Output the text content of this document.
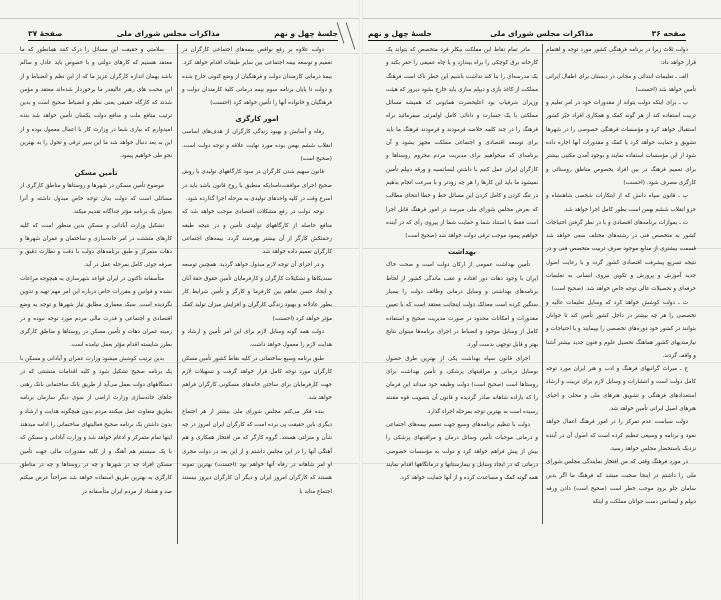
جلسهٔ چهل و نهم
مذاکرات مجلس شورای ملی
صفحهٔ ۳۷

دولت علاوه بر رفع نواقص بیمه‌های اجتماعی کارگران در تعمیم و توسعه بیمه اجتماعی بین سایر طبقات اقدام خواهد کرد. بیمهٔ درمانی کارمندان دولت و فرهنگیان از وضع کنونی خارج شده و دولت تا پایان برنامه سوم بیمه درمانی کلیهٔ کارمندان دولت و فرهنگیان و خانواده آنها را تأمین خواهد کرد (احسنت)

امور کارگری

رفاه و آسایش و بهبود زندگی کارگران از هدف‌های اساسی انقلاب ششم بهمن بوده مورد نهایت علاقه و توجه دولت است. (صحیح است)

قانون سهیم شدن کارگران در سود کارگاههای تولیدی با روش صحیح اجرای موافقت‌نامه‌ایکه منطبق با روح قانون باشد باید در اسرع وقت در کلیه واحدهای تولیدی به مرحله اجرا گذارده شود.

توجه دولت در رفع مشکلات اقتصادی موجب خواهد شد که منافع حاصله از کارگاههای تولیدی تأمین و در نتیجه طبقه زحمتکش کارگر از آن بیشتر بهره‌مند گردد. بیمه‌های اجتماعی کارگران تعمیم داده خواهد شد

و در اجرای آن توجه لازم مبذول خواهد گردید. همچنین توسعه سندیکاها و تشکیلات کارگران و کارفرمایان تأمین حقوق حقهٔ آنان و ایجاد حسن تفاهم بین کارفرما و کارگر و تأمین شرایط کار بطور عادلانه و بهبود زندگی کارگران و افزایش میزان تولید کمک مؤثر خواهد کرد (احسنت)

دولت همه گونه وسایل لازم برای این امر تأمین و ارشاد و هدایت لازم را معمول خواهد داشت.

طبق برنامه وسیع ساختمانی در کلیه نقاط کشور تأمین مسکن کارگران مورد توجه کامل قرار خواهد گرفت و تسهیلات لازم جهت کارفرمایان برای ساختن خانه‌های مسکونی کارگران فراهم خواهد شد.

بنده فکر می‌کنم مجلس شورای ملی بیشتر از هر اجتماع دیگری باین حقیقت پی برده است که کارگران ایران امروز در چه شأن و منزلتی هستند. گروه کارگر که من افتخار همکاری و هم آهنگی آنها را در این مجلس داشتم و از این بعد در دولت مجری او امر شاهانه در رفاه آنها خواهم بود (احسنت) بهترین نمونه هستند که کارگران امروز ایران و دیگر آن کارگران دیروز نیستند اجتماع متاید با

سلامتی و حقیقت این مسائل را درک کنند همانطور که ما معتقد هستیم که کارهای دولتی و با خصوص باید عادل و سالم باشد بهمان اندازه کارگران عزیز ما که از این نظم و انضباط و از این محبت های رهبر عالیقدر ما برخوردار شده‌اند معتقد و مؤمن شدند که کارگاه حقیقی یعنی نظم و انضباط صحیح است و بدین ترتیب منافع ملت و منافع دولت یکسان تأمین خواهد شد بنده امیدوارم که بیاری شما در وزارت کار با اعمال معمول بوده و از این به بعد دنبال خواهد شد ما این سیر ترقی و تحول را به بهترین نحو طی خواهیم پیمود.

تأمین مسکن

موضوع تأمین مسکن در شهرها و روستاها و مناطق کارگری از مسائلی است که دولت بدان توجه خاص مبذول داشته و آنرا بعنوان یک برنامه مؤثر جداگانه تقدیم میکند.

تشکیل وزارت آبادانی و مسکن بدین منظور است که کلیه کارهای متشتت در امر خانه‌سازی و ساختمان و عمران شهرها و دهات متمرکز و طبق برنامه‌های دولت با دقت و نظارت دقیق و صرفه جوئی کامل بمرحله عمل در آید.

متأسفانه تاکنون در ایران قواعد شهرسازی به هیچوجه مراعات نشده و قوانین و مقررات خاص درباره این امر مهم تهیه و تدوین نگردیده است. سبک معماری مطابق نیاز شهرها و توجه به وضع اقتصادی و اجتماعی و قدرت مالی مردم مورد توجه نبوده و در زمینه عمران دهات و تأمین مسکن در روستاها و مناطق کارگری بطرز شایسته اقدام مؤثر بعمل نیامده است.

بدین ترتیب کوشش میشود وزارت عمران و آبادانی و مسکن با یک برنامه صحیح تشکیل شود و کلیه اقدامات متشتتی که در دستگاههای دولت بعمل می‌آید از طریق بانک ساختمانی بانک رهنی جاهای خانه‌سازی وزارت اراضی از سوی دیگر سازمان برنامه بطریق متفاوت عمل میکنند مردم بدون هیچگونه هدایت و ارشاد و بدون داشتن یک برنامه صحیح فعالیتهای ساختمانی را ادامه میدهند اینها تمام متمرکز و ادغام خواهد شد و وزارت آبادانی و مسکن که با یک سیستم هم آهنگ و از کلیه مقدورات مالی جهت تأمین مسکن افراد چه در شهرها و چه در روستاها و چه در مناطق کارگری به بهترین طریق استفاده خواهد شد صراحتاً عرض میکنم صد و هشتاد از مردم ایران متأسفانه در

صفحه ۳۶
مذاکرات مجلس شورای ملی
جلسهٔ چهل و نهم

دولت ثلاث زیرا در برنامه فرهنگی کشور مورد توجه و اهتمام قرار خواهد داد:

الف ـ تعلیمات ابتدائی و مجانی در دبستان برای اطفال ایرانی تأمین خواهد شد (احسنت)

ب ـ برای اینکه دولت بتواند از مقدورات خود در امر تعلیم و تربیت استفاده کند از هر گونه کمک و همکاری افراد خیّر کشور استقبال خواهد کرد و مؤسسات فرهنگی خصوصی را در شهرها تشویق و حمایت خواهد کرد با کمک و مقدورات آنها اجازه داده شود از این مؤسسات استفاده نمایند و بوجود آمدن مکتبی بیشتر برای تعمیم فرهنگ در بین افراد بخصوص مناطق روستائی و کارگری مصرف شود. (احسنت)

پ ـ قانون سپاه دانش که از ابتکارات شخصی شاهنشاه و جزو انقلاب ششم بهمن است بطور کامل اجرا خواهد شد.

ت ـ بموازات برنامه‌های اقتصادی و با در نظر گرفتن احتیاجات کشور به متخصص فنی در رشته‌های مختلف سعی خواهد شد قسمت بیشتری از منابع موجود صرف تربیت متخصص فنی و در نتیجه تسریع پیشرفت اقتصادی کشور گردد و با رعایت اصول جدید آموزش و پرورش و تکوین نیروی انسانی به تعلیمات حرفه‌ای و تحصیلات عالی توجه خاص خواهد شد. (صحیح است)

ث ـ دولت کوشش خواهد کرد که وسایل تعلیمات عالیه و تخصصی را هر چه بیشتر در داخل کشور تأمین کند تا جوانان بتوانند در کشور خود دوره‌های تخصصی را بپیمایند و با احتیاجات و نیازمندیهای کشور هماهنگ تحصیل علوم و فنون جدید بیشتر آشنا و واقف گردند.

ج ـ میراث گرانبهای فرهنگ و ادب و هنر ایران مورد توجه کامل دولت است و انتشارات و وسایل لازم برای تربیت و ارشاد استعدادهای فرهنگی و تشویق هنرهای ملی و محلی و احیای هنرهای اصیل ایرانی تأمین خواهد شد.

دولت سیاست عدم تمرکز را در امور فرهنگ اعمال خواهد نمود و برنامه و وسیعی تنظیم کرده است که اصول آن در آینده نزدیک باستحضار مجلس خواهد رسید.

در مورد فرهنگ وقتی که من افتخار نمایندگی مجلس شورای ملی را داشتم در اینجا صحبت میشد که فرهنگ ما اگر بدین سامان جلو برود موجب خطر است (صحیح است) دادن ورقه دیپلم و لیسانس دست جوانان مملکت و اینکه

مادر تمام نقاط این مملکت بیکلر فرد متخصص که بتواند یک کارخانه برق کوچکی را براه بیندازد و یا چاه عمیقی را حفر بکند و یک مدرسه‌ای را بنا کند نداشت باشیم این خطر ناک است فرهنگ مملکت از کاغذ بازی و دیپلم سازی باید خارج بشود دیروز که هیئت وزیران شرفیاب بود اعلیحضرت همایونی که همیشه مسائل مملکتی با یک جسارت و دانائی کامل اولمرئی میفرمائید براه فرهنگ را در چند کلمه خلاصه فرمودند و فرمودند فرهنگ ما باید برای توسعه اقتصادی و اجتماعی مملکت مجهز بشود و آن برنامه‌ای که میخواهیم برای مدیریت مردم محروم روستاها و کارگران ایران عمل کنیم با داشتن لیسانسیه و ورقه دیپلم تأمین نمیشود ما باید این کارها را هر چه زودتر و با سرعت انجام بدهیم در تنگ کردن و کامل کردن این مسائل خط و خطا انتحای مطالب که بعرض مجلس شورای ملی میرسد در امور فرهنگ قابل اجرا است فقط با استناد شما و حمایت شما از پیروی رأی که در آینده خواهیم پیمود موجب ترقی دولت خواهد شد (صحیح است)

بهداشت

تأمین بهداشت عمومی از ارکان دولت است و صحت خاک ایران با وجود دهات دور افتاده و عقب ماندگی کشور از لحاظ برنامه‌های بهداشتی و وسایل درمانی وظائف دولت را بسیار سنگین کرده است معذلک دولت اینجانب معتقد است که با تعیین مقدورات و امکانات محدود در صورت مدیریت صحیح و استفاده کامل از وسایل موجود و انضباط در اجرای برنامه‌ها میتوان نتایج بهتر و قابل توجهی بدست آورد.

اجرای قانون سپاه بهداشت یکی از بهترین طرق حصول بوسایل درمانی و مراقبتهای پزشکی و تأمین بهداشت برای روستاها است (صحیح است) دولت وظیفه خود میداند این فرمان را که باراده شاهانه صادر گردیده و قانون آن بتصویب قوه مقننه رسیده است به بهترین توجه بمرحله اجراء گذارد.

دولت با تنظیم برنامه‌های وسیع جهت تعمیم بیمه‌های اجتماعی و درمانی موجبات تأمین وسائل درمان و مراقبتهای پزشکی را بیش از پیش فراهم خواهد کرد و دولت به مؤسسات خصوصی درمانی که در ایجاد وسایل و بیمارستانها و درمانگاهها اقدام نمایند همه گونه کمک و مساعدت کرده و از آنها حمایت خواهد کرد.
